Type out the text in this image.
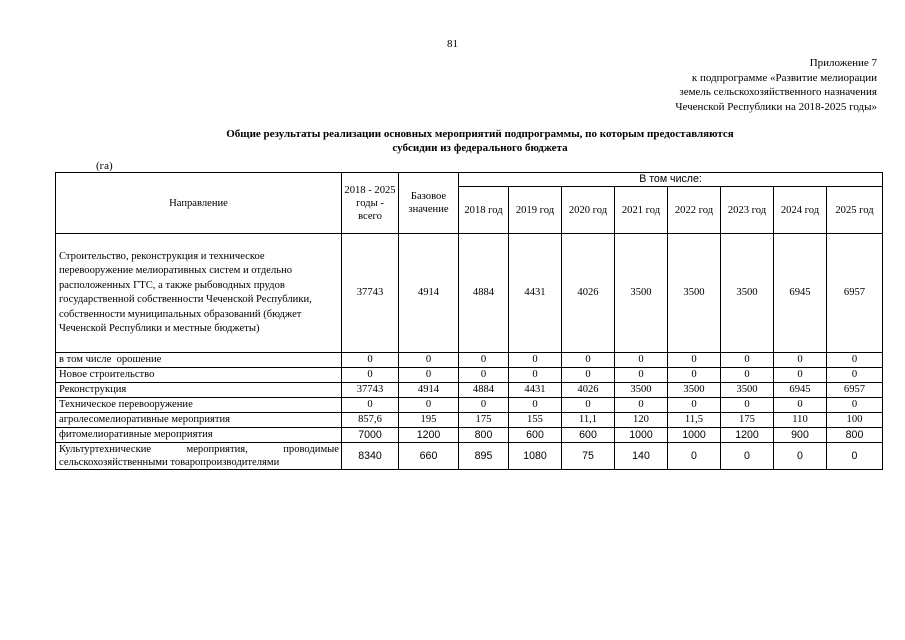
81
Приложение 7
к подпрограмме «Развитие мелиорации
земель сельскохозяйственного назначения
Чеченской Республики на 2018-2025 годы»
Общие результаты реализации основных мероприятий подпрограммы, по которым предоставляются
субсидии из федерального бюджета
(га)
Направление	2018 - 2025 годы - всего	Базовое значение	В том числе:							
			2018 год	2019 год	2020 год	2021 год	2022 год	2023 год	2024 год	2025 год
Строительство, реконструкция и техническое перевооружение мелиоративных систем и отдельно расположенных ГТС, а также рыбоводных прудов государственной собственности Чеченской Республики, собственности муниципальных образований (бюджет Чеченской Республики и местные бюджеты)	37743	4914	4884	4431	4026	3500	3500	3500	6945	6957
в том числе  орошение	0	0	0	0	0	0	0	0	0	0
Новое строительство	0	0	0	0	0	0	0	0	0	0
Реконструкция	37743	4914	4884	4431	4026	3500	3500	3500	6945	6957
Техническое перевооружение	0	0	0	0	0	0	0	0	0	0
агролесомелиоративные мероприятия	857,6	195	175	155	11,1	120	11,5	175	110	100
фитомелиоративные мероприятия	7000	1200	800	600	600	1000	1000	1200	900	800
Культуртехнические мероприятия, проводимые сельскохозяйственными товаропроизводителями	8340	660	895	1080	75	140	0	0	0	0
